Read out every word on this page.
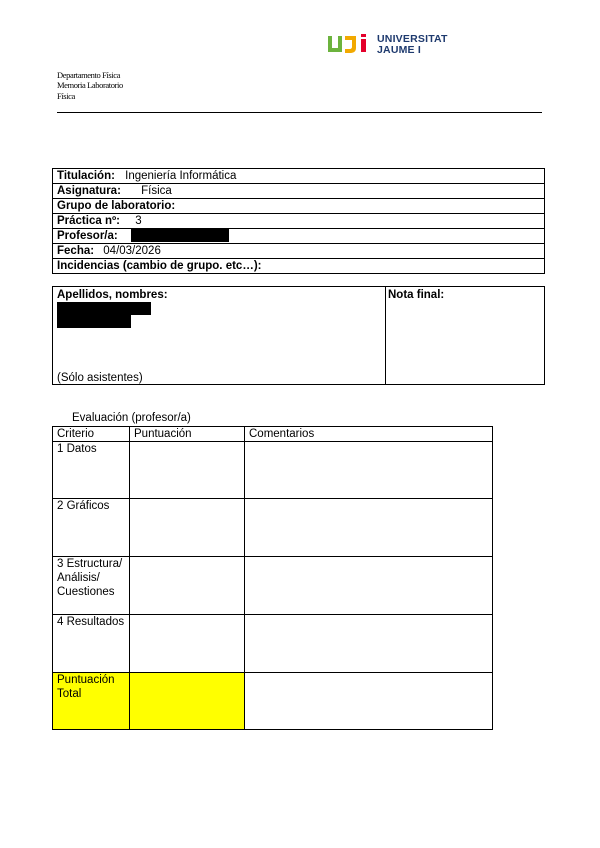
UNIVERSITAT
JAUME I
Departamento Física
Memoria Laboratorio
Física
Titulación: Ingeniería Informática
Asignatura: Física
Grupo de laboratorio:
Práctica nº: 3
Profesor/a:
Fecha: 04/03/2026
Incidencias (cambio de grupo. etc…):
Apellidos, nombres:
(Sólo asistentes)
Nota final:
Evaluación (profesor/a)
Criterio	Puntuación	Comentarios
1 Datos		
2 Gráficos		
3 Estructura/ Análisis/ Cuestiones		
4 Resultados		
Puntuación Total		
